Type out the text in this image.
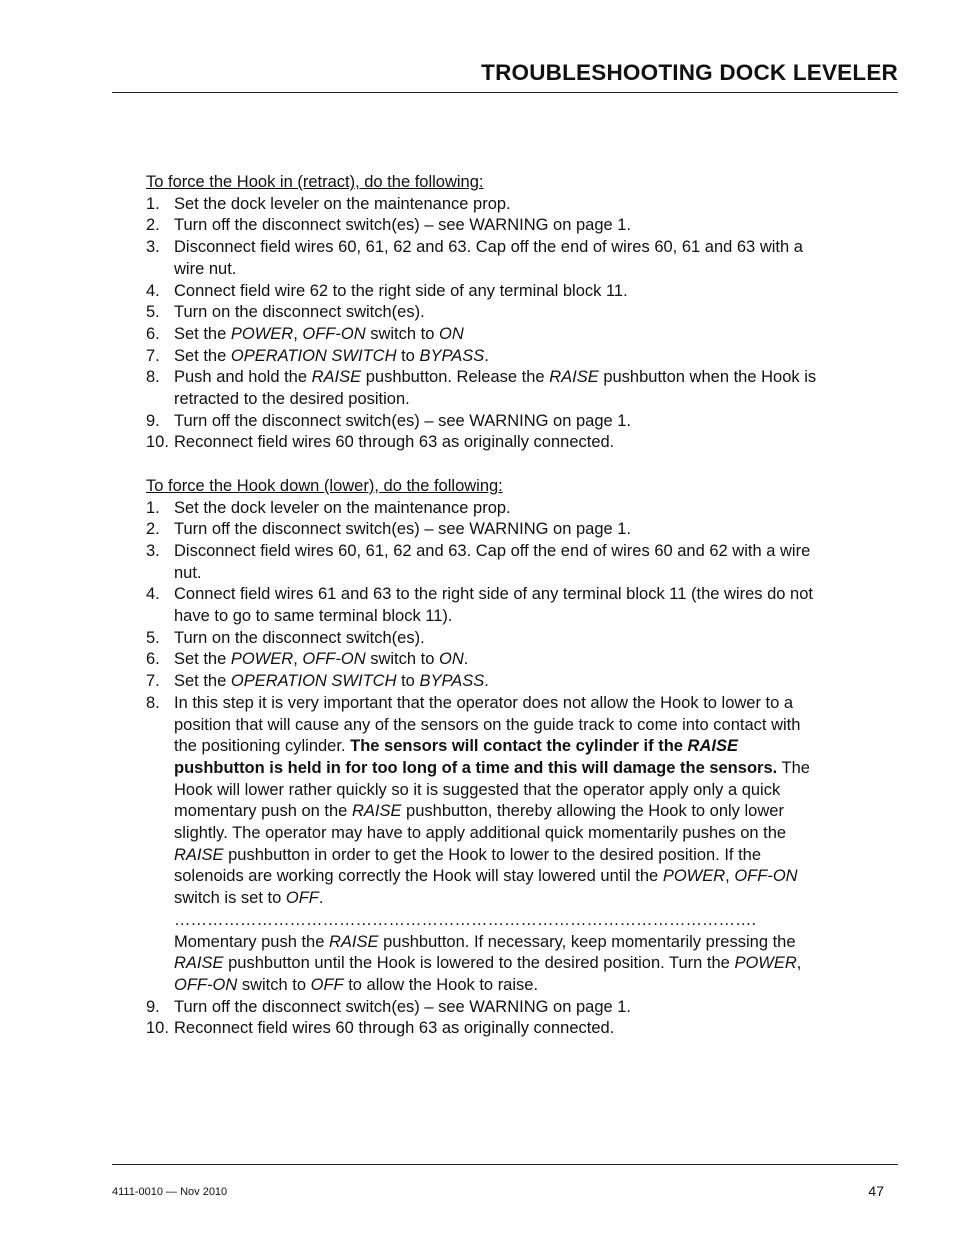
TROUBLESHOOTING DOCK LEVELER
To force the Hook in (retract), do the following:
1. Set the dock leveler on the maintenance prop.
2. Turn off the disconnect switch(es) – see WARNING on page 1.
3. Disconnect field wires 60, 61, 62 and 63. Cap off the end of wires 60, 61 and 63 with a wire nut.
4. Connect field wire 62 to the right side of any terminal block 11.
5. Turn on the disconnect switch(es).
6. Set the POWER, OFF-ON switch to ON
7. Set the OPERATION SWITCH to BYPASS.
8. Push and hold the RAISE pushbutton. Release the RAISE pushbutton when the Hook is retracted to the desired position.
9. Turn off the disconnect switch(es) – see WARNING on page 1.
10. Reconnect field wires 60 through 63 as originally connected.
To force the Hook down (lower), do the following:
1. Set the dock leveler on the maintenance prop.
2. Turn off the disconnect switch(es) – see WARNING on page 1.
3. Disconnect field wires 60, 61, 62 and 63. Cap off the end of wires 60 and 62 with a wire nut.
4. Connect field wires 61 and 63 to the right side of any terminal block 11 (the wires do not have to go to same terminal block 11).
5. Turn on the disconnect switch(es).
6. Set the POWER, OFF-ON switch to ON.
7. Set the OPERATION SWITCH to BYPASS.
8. In this step it is very important that the operator does not allow the Hook to lower to a position that will cause any of the sensors on the guide track to come into contact with the positioning cylinder. The sensors will contact the cylinder if the RAISE pushbutton is held in for too long of a time and this will damage the sensors. The Hook will lower rather quickly so it is suggested that the operator apply only a quick momentary push on the RAISE pushbutton, thereby allowing the Hook to only lower slightly. The operator may have to apply additional quick momentarily pushes on the RAISE pushbutton in order to get the Hook to lower to the desired position. If the solenoids are working correctly the Hook will stay lowered until the POWER, OFF-ON switch is set to OFF.
…………………………………………………………………………………………….
Momentary push the RAISE pushbutton. If necessary, keep momentarily pressing the RAISE pushbutton until the Hook is lowered to the desired position. Turn the POWER, OFF-ON switch to OFF to allow the Hook to raise.
9. Turn off the disconnect switch(es) – see WARNING on page 1.
10. Reconnect field wires 60 through 63 as originally connected.
4111-0010 — Nov 2010	47
